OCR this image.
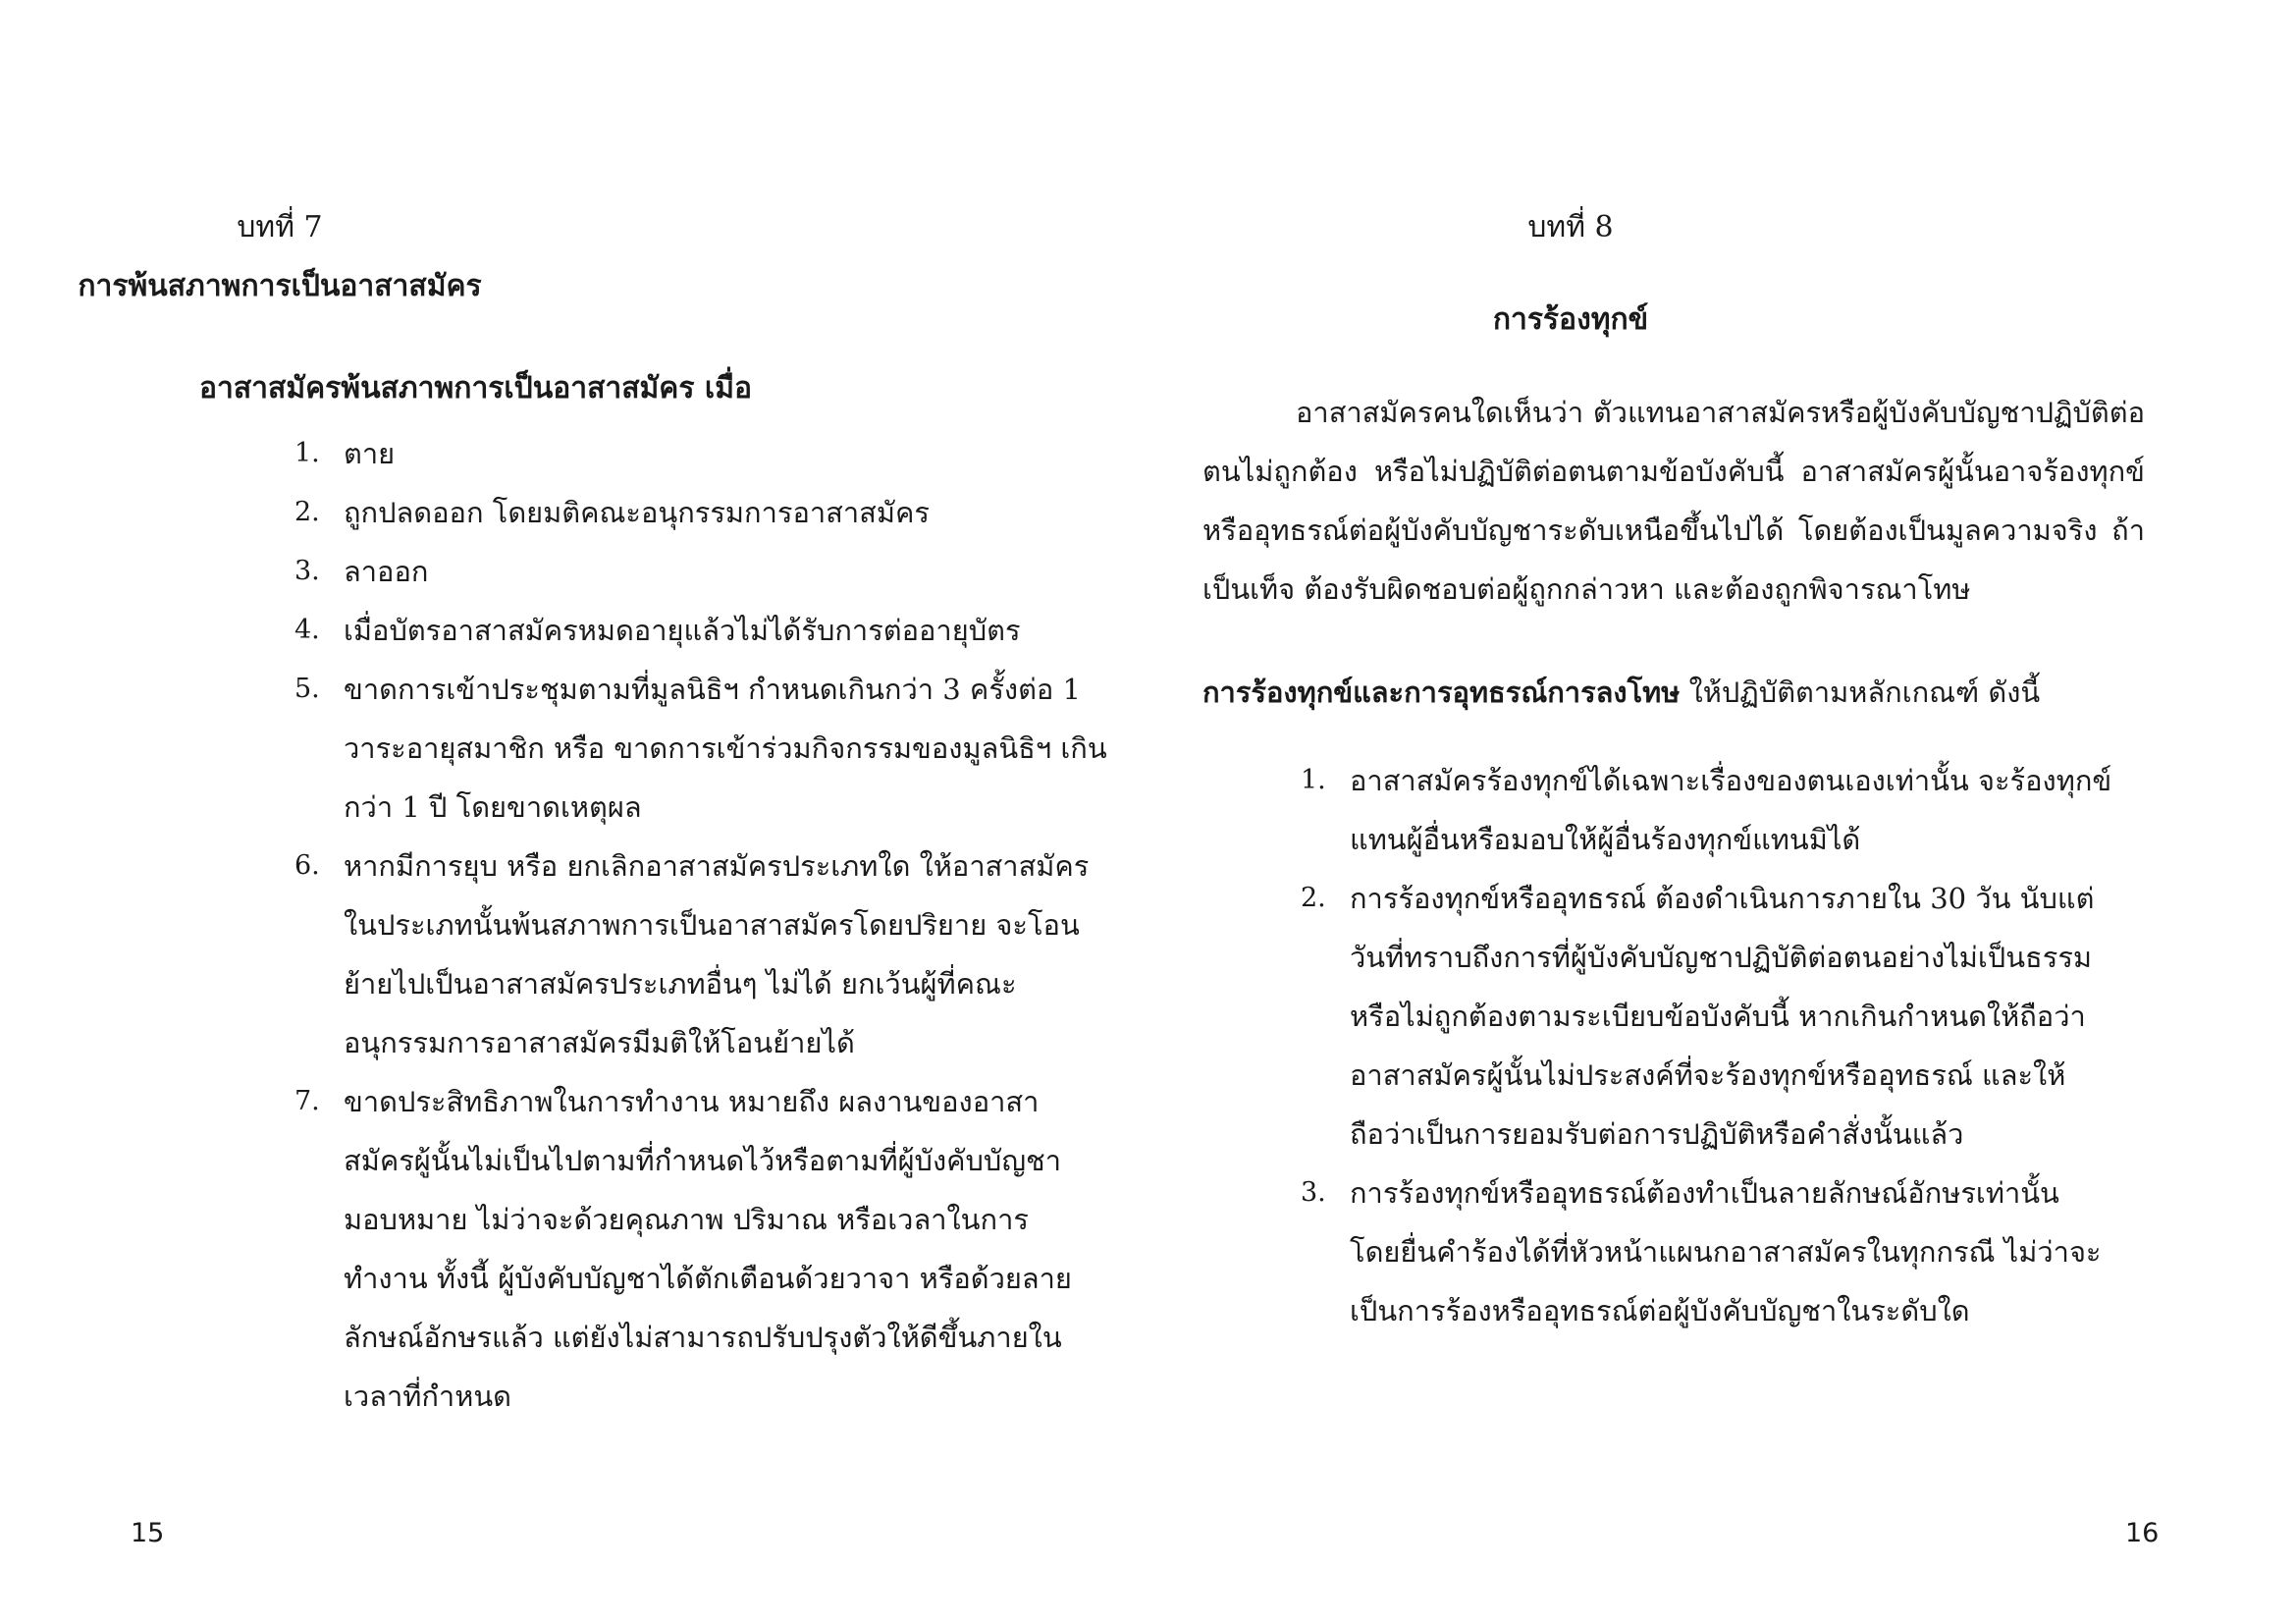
บทที่ 7
การพ้นสภาพการเป็นอาสาสมัคร
อาสาสมัครพ้นสภาพการเป็นอาสาสมัคร เมื่อ
1. ตาย
2. ถูกปลดออก โดยมติคณะอนุกรรมการอาสาสมัคร
3. ลาออก
4. เมื่อบัตรอาสาสมัครหมดอายุแล้วไม่ได้รับการต่ออายุบัตร
5. ขาดการเข้าประชุมตามที่มูลนิธิฯ กำหนดเกินกว่า 3 ครั้งต่อ 1 วาระอายุสมาชิก หรือ ขาดการเข้าร่วมกิจกรรมของมูลนิธิฯ เกินกว่า 1 ปี โดยขาดเหตุผล
6. หากมีการยุบ หรือ ยกเลิกอาสาสมัครประเภทใด ให้อาสาสมัครในประเภทนั้นพ้นสภาพการเป็นอาสาสมัครโดยปริยาย จะโอนย้ายไปเป็นอาสาสมัครประเภทอื่นๆ ไม่ได้ ยกเว้นผู้ที่คณะอนุกรรมการอาสาสมัครมีมติให้โอนย้ายได้
7. ขาดประสิทธิภาพในการทำงาน หมายถึง ผลงานของอาสาสมัครผู้นั้นไม่เป็นไปตามที่กำหนดไว้หรือตามที่ผู้บังคับบัญชามอบหมาย ไม่ว่าจะด้วยคุณภาพ ปริมาณ หรือเวลาในการทำงาน ทั้งนี้ ผู้บังคับบัญชาได้ตักเตือนด้วยวาจา หรือด้วยลายลักษณ์อักษรแล้ว แต่ยังไม่สามารถปรับปรุงตัวให้ดีขึ้นภายในเวลาที่กำหนด
15
บทที่ 8
การร้องทุกข์
อาสาสมัครคนใดเห็นว่า ตัวแทนอาสาสมัครหรือผู้บังคับบัญชาปฏิบัติต่อตนไม่ถูกต้อง หรือไม่ปฏิบัติต่อตนตามข้อบังคับนี้ อาสาสมัครผู้นั้นอาจร้องทุกข์หรืออุทธรณ์ต่อผู้บังคับบัญชาระดับเหนือขึ้นไปได้ โดยต้องเป็นมูลความจริง ถ้าเป็นเท็จ ต้องรับผิดชอบต่อผู้ถูกกล่าวหา และต้องถูกพิจารณาโทษ
การร้องทุกข์และการอุทธรณ์การลงโทษ ให้ปฏิบัติตามหลักเกณฑ์ ดังนี้
1. อาสาสมัครร้องทุกข์ได้เฉพาะเรื่องของตนเองเท่านั้น จะร้องทุกข์แทนผู้อื่นหรือมอบให้ผู้อื่นร้องทุกข์แทนมิได้
2. การร้องทุกข์หรืออุทธรณ์ ต้องดำเนินการภายใน 30 วัน นับแต่วันที่ทราบถึงการที่ผู้บังคับบัญชาปฏิบัติต่อตนอย่างไม่เป็นธรรม หรือไม่ถูกต้องตามระเบียบข้อบังคับนี้ หากเกินกำหนดให้ถือว่าอาสาสมัครผู้นั้นไม่ประสงค์ที่จะร้องทุกข์หรืออุทธรณ์ และให้ถือว่าเป็นการยอมรับต่อการปฏิบัติหรือคำสั่งนั้นแล้ว
3. การร้องทุกข์หรืออุทธรณ์ต้องทำเป็นลายลักษณ์อักษรเท่านั้น โดยยื่นคำร้องได้ที่หัวหน้าแผนกอาสาสมัครในทุกกรณี ไม่ว่าจะเป็นการร้องหรืออุทธรณ์ต่อผู้บังคับบัญชาในระดับใด
16
